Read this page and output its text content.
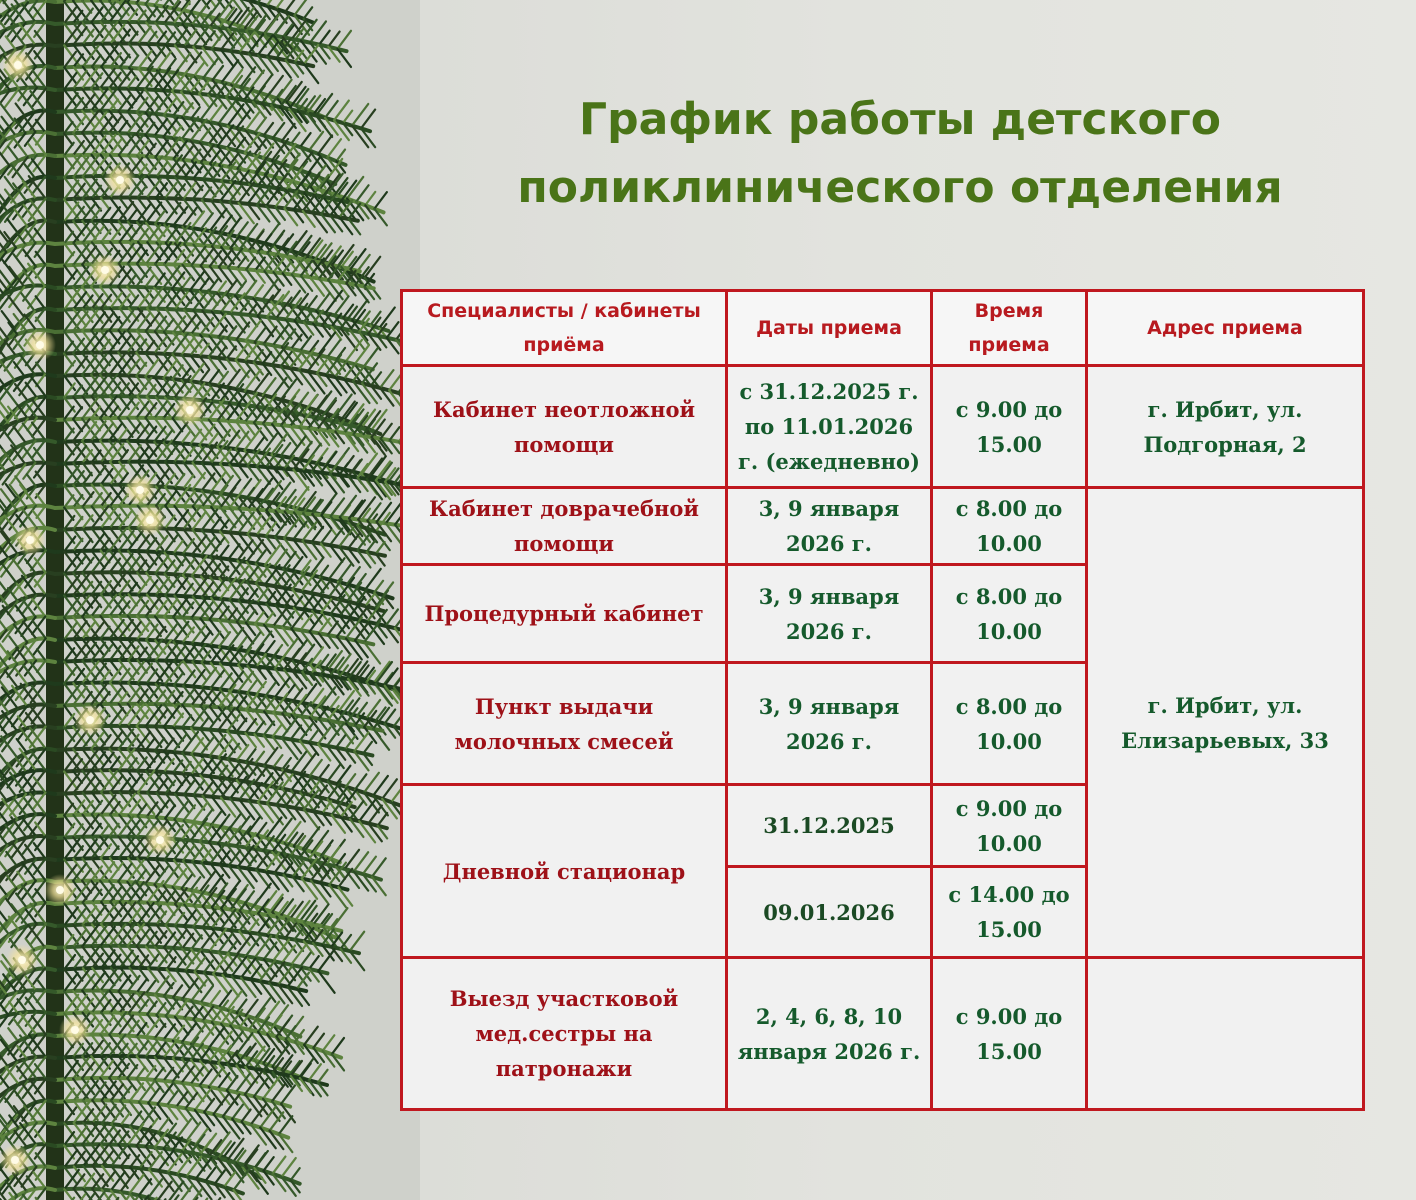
График работы детского
поликлинического отделения
Специалисты / кабинеты приёма	Даты приема	Время приема	Адрес приема
Кабинет неотложной помощи	с 31.12.2025 г. по 11.01.2026 г. (ежедневно)	с 9.00 до 15.00	г. Ирбит, ул. Подгорная, 2
Кабинет доврачебной помощи	3, 9 января 2026 г.	с 8.00 до 10.00	г. Ирбит, ул. Елизарьевых, 33
Процедурный кабинет	3, 9 января 2026 г.	с 8.00 до 10.00	
Пункт выдачи молочных смесей	3, 9 января 2026 г.	с 8.00 до 10.00	
Дневной стационар	31.12.2025	с 9.00 до 10.00	
	09.01.2026	с 14.00 до 15.00	
Выезд участковой мед.сестры на патронажи	2, 4, 6, 8, 10 января 2026 г.	с 9.00 до 15.00	
